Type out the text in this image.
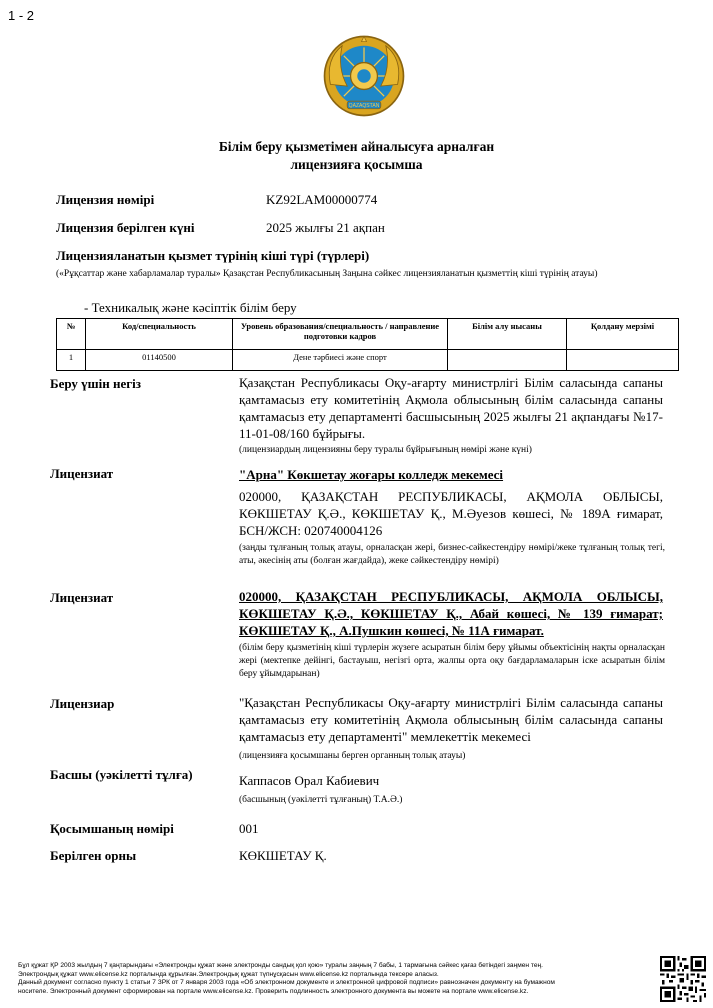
1 - 2
QAZAQSTAN
Білім беру қызметімен айналысуға арналған
лицензияға қосымша
Лицензия нөмірі	KZ92LAM00000774
Лицензия берілген күні	2025 жылғы 21 ақпан
Лицензияланатын қызмет түрінің кіші түрі (түрлері)
(«Рұқсаттар және хабарламалар туралы» Қазақстан Республикасының Заңына сәйкес лицензияланатын қызметтің кіші түрінің атауы)
- Техникалық және кәсіптік білім беру
№	Код/специальность	Уровень образования/специальность / направление подготовки кадров	Білім алу нысаны	Қолдану мерзімі
1	01140500	Дене тәрбиесі және спорт		
Беру үшін негіз	Қазақстан Республикасы Оқу-ағарту министрлігі Білім саласында сапаны қамтамасыз ету комитетінің Ақмола облысының білім саласында сапаны қамтамасыз ету департаменті басшысының 2025 жылғы 21 ақпандағы №17-11-01-08/160 бұйрығы.
(лицензиардың лицензияны беру туралы бұйрығының нөмірі және күні)
Лицензиат	"Арна" Көкшетау жоғары колледж мекемесі
020000, ҚАЗАҚСТАН РЕСПУБЛИКАСЫ, АҚМОЛА ОБЛЫСЫ, КӨКШЕТАУ Қ.Ә., КӨКШЕТАУ Қ., М.Әуезов көшесі, № 189А ғимарат, БСН/ЖСН: 020740004126
(заңды тұлғаның толық атауы, орналасқан жері, бизнес-сәйкестендіру нөмірі/жеке тұлғаның толық тегі, аты, әкесінің аты (болған жағдайда), жеке сәйкестендіру нөмірі)
Лицензиат	020000, ҚАЗАҚСТАН РЕСПУБЛИКАСЫ, АҚМОЛА ОБЛЫСЫ, КӨКШЕТАУ Қ.Ә., КӨКШЕТАУ Қ., Абай көшесі, № 139 ғимарат; КӨКШЕТАУ Қ., А.Пушкин көшесі, № 11А ғимарат.
(білім беру қызметінің кіші түрлерін жүзеге асыратын білім беру ұйымы объектісінің нақты орналасқан жері (мектепке дейінгі, бастауыш, негізгі орта, жалпы орта оқу бағдарламаларын іске асыратын білім беру ұйымдарынан)
Лицензиар	"Қазақстан Республикасы Оқу-ағарту министрлігі Білім саласында сапаны қамтамасыз ету комитетінің Ақмола облысының білім саласында сапаны қамтамасыз ету департаменті" мемлекеттік мекемесі
(лицензияға қосымшаны берген органның толық атауы)
Басшы (уәкілетті тұлға)	Каппасов Орал Кабиевич
(басшының (уәкілетті тұлғаның) Т.А.Ә.)
Қосымшаның нөмірі	001
Берілген орны	КӨКШЕТАУ Қ.
Бұл құжат ҚР 2003 жылдың 7 қаңтарындағы «Электронды құжат және электронды сандық қол қою» туралы заңның 7 бабы, 1 тармағына сәйкес қағаз бетіндегі заңмен тең.
Электрондық құжат www.elicense.kz порталында құрылған.Электрондық құжат түпнұсқасын www.elicense.kz порталында тексере аласыз.
Данный документ согласно пункту 1 статьи 7 ЗРК от 7 января 2003 года «Об электронном документе и электронной цифровой подписи» равнозначен документу на бумажном
носителе. Электронный документ сформирован на портале www.elicense.kz. Проверить подлинность электронного документа вы можете на портале www.elicense.kz.
